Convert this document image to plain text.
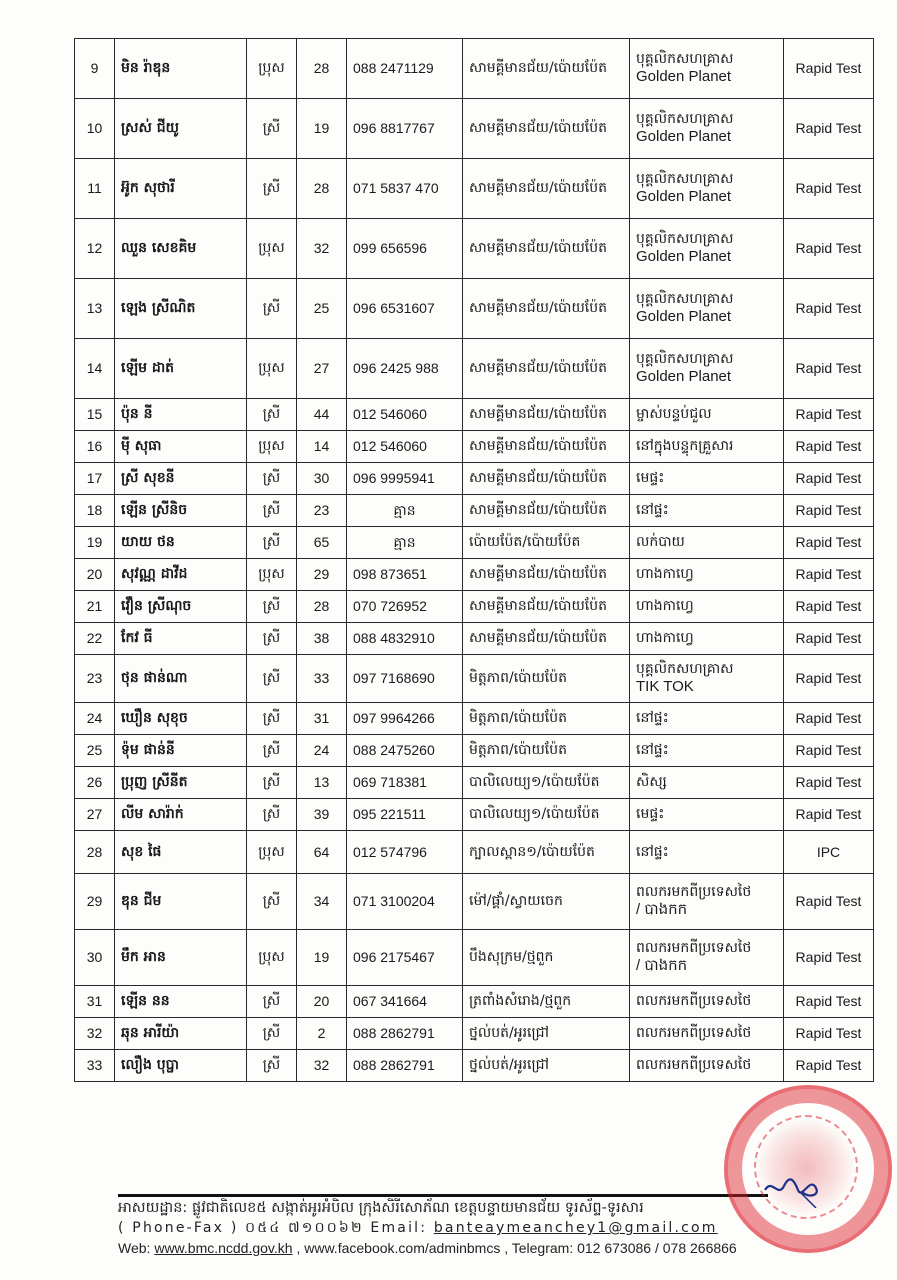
9	មិន រ៉ាឌុន	ប្រុស	28	088 2471129	សាមគ្គីមានជ័យ/ប៉ោយប៉ែត	បុគ្គលិកសហគ្រាស
Golden Planet	Rapid Test
10	ស្រស់ ជីយូ	ស្រី	19	096 8817767	សាមគ្គីមានជ័យ/ប៉ោយប៉ែត	បុគ្គលិកសហគ្រាស
Golden Planet	Rapid Test
11	អ៊ូក សុថារី	ស្រី	28	071 5837 470	សាមគ្គីមានជ័យ/ប៉ោយប៉ែត	បុគ្គលិកសហគ្រាស
Golden Planet	Rapid Test
12	ឈួន សេខគិម	ប្រុស	32	099 656596	សាមគ្គីមានជ័យ/ប៉ោយប៉ែត	បុគ្គលិកសហគ្រាស
Golden Planet	Rapid Test
13	ឡេង ស្រីណិត	ស្រី	25	096 6531607	សាមគ្គីមានជ័យ/ប៉ោយប៉ែត	បុគ្គលិកសហគ្រាស
Golden Planet	Rapid Test
14	ឡើម ដាត់	ប្រុស	27	096 2425 988	សាមគ្គីមានជ័យ/ប៉ោយប៉ែត	បុគ្គលិកសហគ្រាស
Golden Planet	Rapid Test
15	ប៉ុន នី	ស្រី	44	012 546060	សាមគ្គីមានជ័យ/ប៉ោយប៉ែត	ម្ចាស់បន្ទប់ជួល	Rapid Test
16	ម៉ី សុធា	ប្រុស	14	012 546060	សាមគ្គីមានជ័យ/ប៉ោយប៉ែត	នៅក្នុងបន្ទុកគ្រួសារ	Rapid Test
17	ស្រី សុខនី	ស្រី	30	096 9995941	សាមគ្គីមានជ័យ/ប៉ោយប៉ែត	មេផ្ទះ	Rapid Test
18	ឡើន ស្រីនិច	ស្រី	23	គ្មាន	សាមគ្គីមានជ័យ/ប៉ោយប៉ែត	នៅផ្ទះ	Rapid Test
19	យាយ ថន	ស្រី	65	គ្មាន	ប៉ោយប៉ែត/ប៉ោយប៉ែត	លក់បាយ	Rapid Test
20	សុវណ្ណ ដាវីដ	ប្រុស	29	098 873651	សាមគ្គីមានជ័យ/ប៉ោយប៉ែត	ហាងកាហ្វេ	Rapid Test
21	វឿន ស្រីណុច	ស្រី	28	070 726952	សាមគ្គីមានជ័យ/ប៉ោយប៉ែត	ហាងកាហ្វេ	Rapid Test
22	កែវ ធី	ស្រី	38	088 4832910	សាមគ្គីមានជ័យ/ប៉ោយប៉ែត	ហាងកាហ្វេ	Rapid Test
23	ថុន ផាន់ណា	ស្រី	33	097 7168690	មិត្តភាព/ប៉ោយប៉ែត	បុគ្គលិកសហគ្រាស
TIK TOK	Rapid Test
24	ឃឿន សុខុច	ស្រី	31	097 9964266	មិត្តភាព/ប៉ោយប៉ែត	នៅផ្ទះ	Rapid Test
25	ទ៉ុម ផាន់នី	ស្រី	24	088 2475260	មិត្តភាព/ប៉ោយប៉ែត	នៅផ្ទះ	Rapid Test
26	ប្រុញ ស្រីនីត	ស្រី	13	069 718381	បាលិលេយ្យ១/ប៉ោយប៉ែត	សិស្ស	Rapid Test
27	លីម សារ៉ាក់	ស្រី	39	095 221511	បាលិលេយ្យ១/ប៉ោយប៉ែត	មេផ្ទះ	Rapid Test
28	សុខ ផៃ	ប្រុស	64	012 574796	ក្បាលស្ពាន១/ប៉ោយប៉ែត	នៅផ្ទះ	IPC
29	ឌុន ជីម	ស្រី	34	071 3100204	ម៉ៅ/ផ្គាំ/ស្វាយចេក	ពលករមកពីប្រទេសថៃ
/ បាងកក	Rapid Test
30	មឹក អាន	ប្រុស	19	096 2175467	បឹងសុក្រម/ថ្មពួក	ពលករមកពីប្រទេសថៃ
/ បាងកក	Rapid Test
31	ឡើន នន	ស្រី	20	067 341664	ត្រពាំងសំរោង/ថ្មពួក	ពលករមកពីប្រទេសថៃ	Rapid Test
32	ឆុន អារីយ៉ា	ស្រី	2	088 2862791	ថ្នល់បត់/អូរជ្រៅ	ពលករមកពីប្រទេសថៃ	Rapid Test
33	លឿង បុប្ផា	ស្រី	32	088 2862791	ថ្នល់បត់/អូរជ្រៅ	ពលករមកពីប្រទេសថៃ	Rapid Test
អាសយដ្ឋាន: ផ្លូវជាតិលេខ៥ សង្កាត់អូរអំបិល ក្រុងសិរីសោភ័ណ ខេត្តបន្ទាយមានជ័យ ទូរស័ព្ទ-ទូរសារ
( Phone-Fax ) ០៥៤ ៧១០០៦២ Email: banteaymeanchey1@gmail.com
Web: www.bmc.ncdd.gov.kh , www.facebook.com/adminbmcs , Telegram: 012 673086 / 078 266866
